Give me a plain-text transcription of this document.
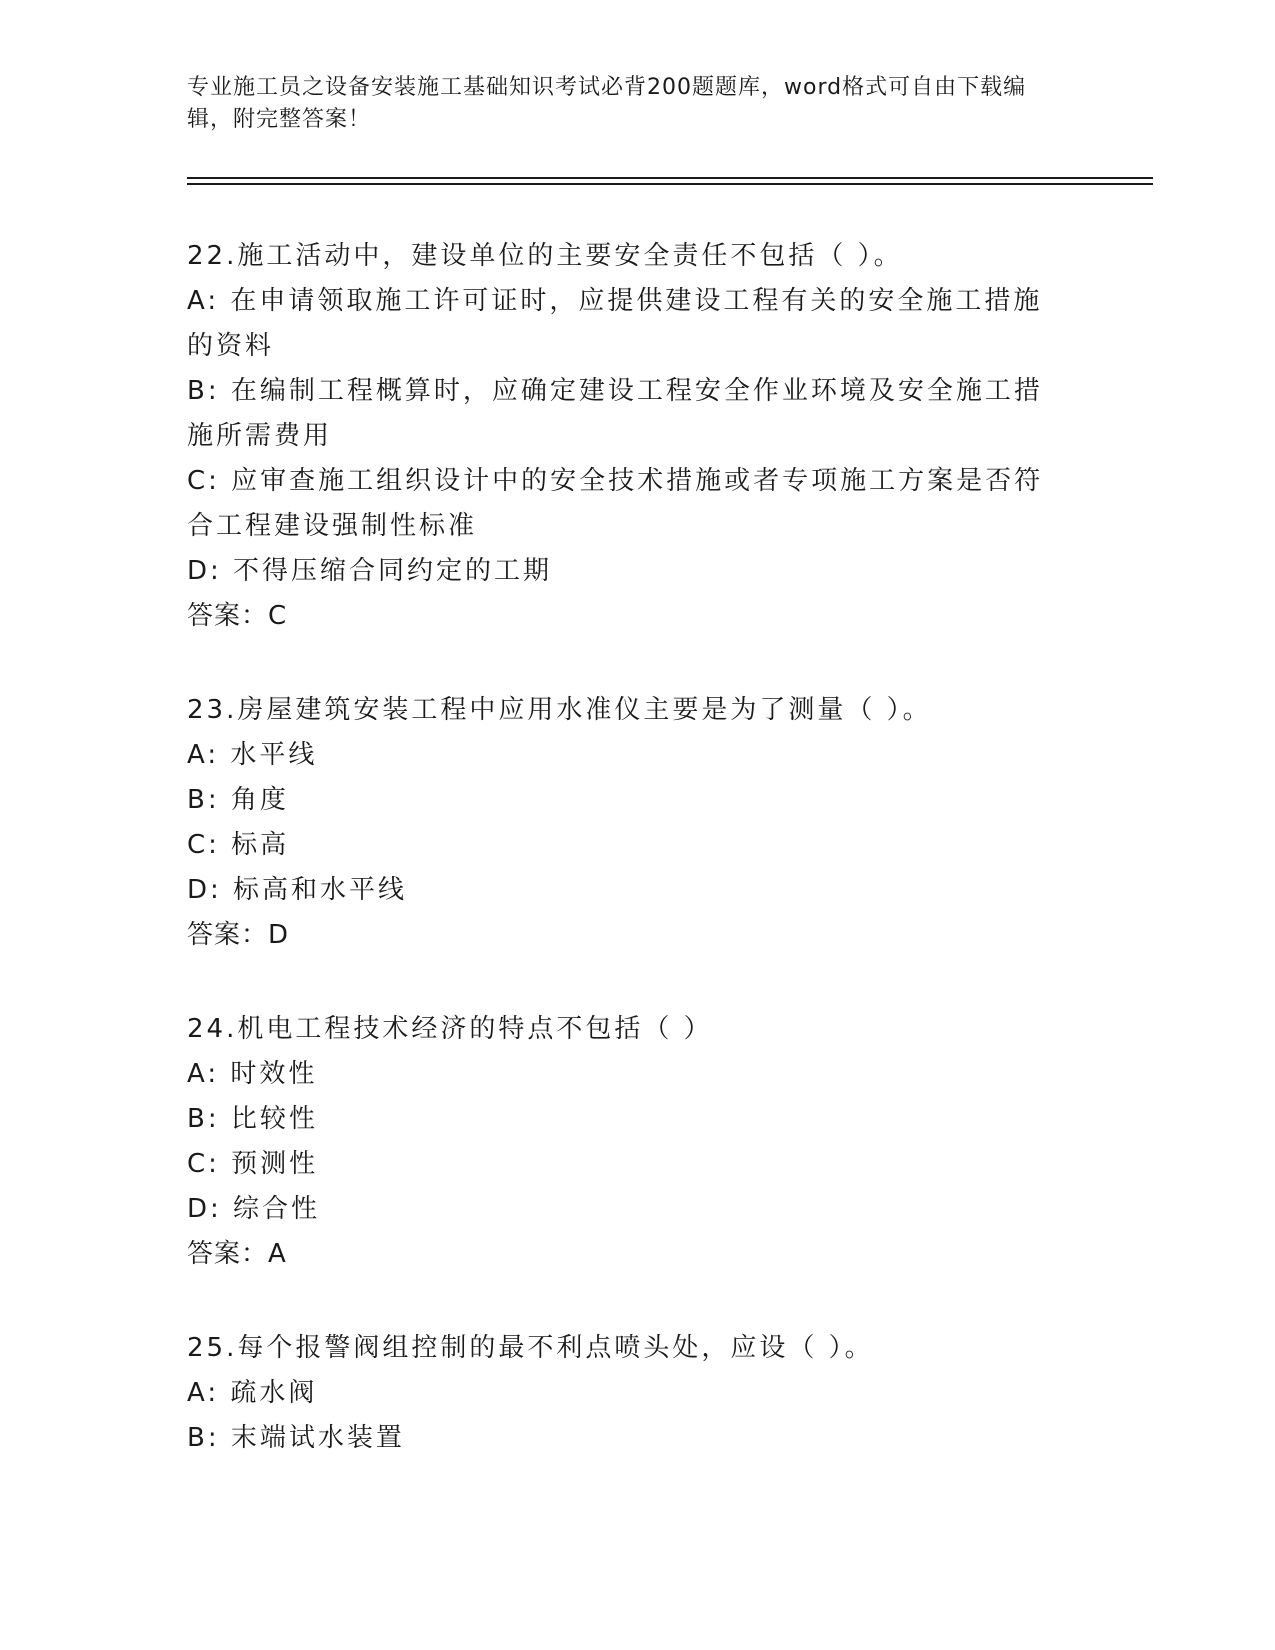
专业施工员之设备安装施工基础知识考试必背200题题库，word格式可自由下载编辑，附完整答案！

22.施工活动中，建设单位的主要安全责任不包括（ ）。

A: 在申请领取施工许可证时，应提供建设工程有关的安全施工措施的资料

B: 在编制工程概算时，应确定建设工程安全作业环境及安全施工措施所需费用

C: 应审查施工组织设计中的安全技术措施或者专项施工方案是否符合工程建设强制性标准

D: 不得压缩合同约定的工期

答案：C

23.房屋建筑安装工程中应用水准仪主要是为了测量（ ）。

A: 水平线

B: 角度

C: 标高

D: 标高和水平线

答案：D

24.机电工程技术经济的特点不包括（ ）

A: 时效性

B: 比较性

C: 预测性

D: 综合性

答案：A

25.每个报警阀组控制的最不利点喷头处，应设（ ）。

A: 疏水阀

B: 末端试水装置
